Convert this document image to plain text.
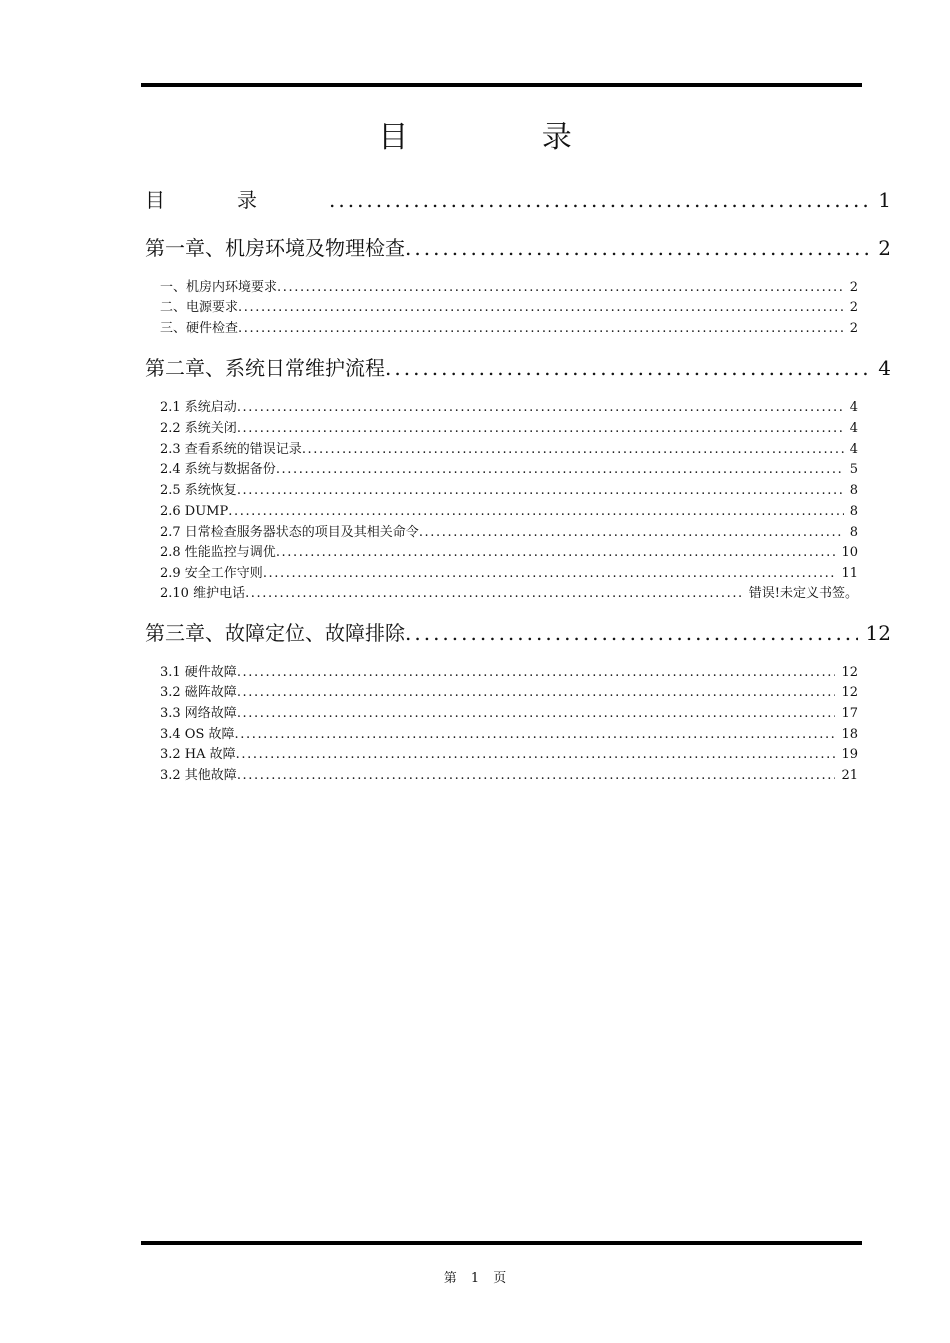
目 录
目录 .....	1
第一章、机房环境及物理检查 .....	2
一、机房内环境要求 .....	2
二、电源要求 .....	2
三、硬件检查 .....	2
第二章、系统日常维护流程 .....	4
2.1 系统启动 .....	4
2.2 系统关闭 .....	4
2.3 查看系统的错误记录 .....	4
2.4 系统与数据备份 .....	5
2.5 系统恢复 .....	8
2.6 DUMP .....	8
2.7 日常检查服务器状态的项目及其相关命令 .....	8
2.8 性能监控与调优 .....	10
2.9 安全工作守则 .....	11
2.10 维护电话 .....	错误!未定义书签。
第三章、故障定位、故障排除 .....	12
3.1 硬件故障 .....	12
3.2 磁阵故障 .....	12
3.3 网络故障 .....	17
3.4 OS 故障 .....	18
3.2 HA 故障 .....	19
3.2 其他故障 .....	21
第 1 页
